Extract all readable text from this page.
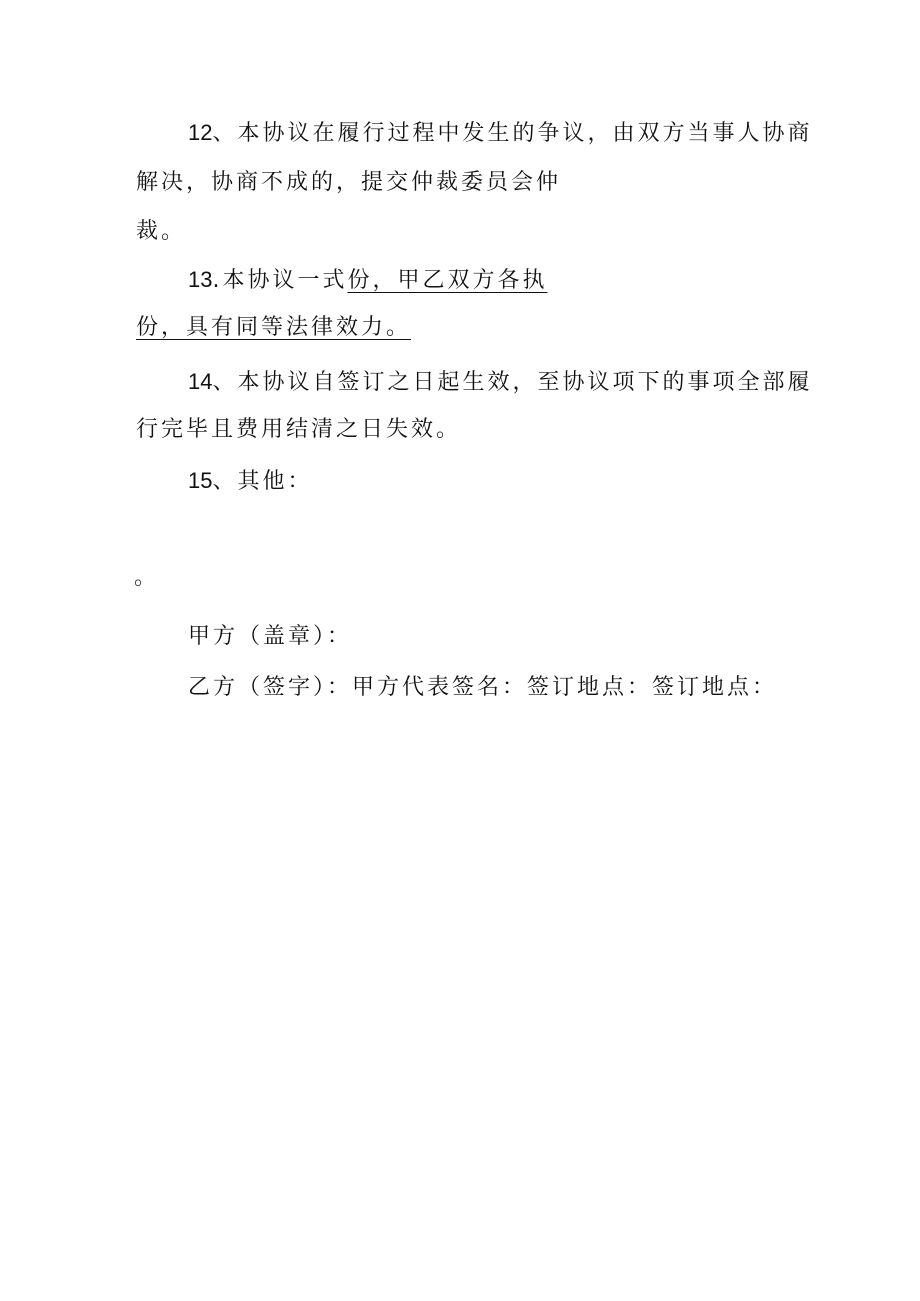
12、本协议在履行过程中发生的争议，由双方当事人协商
解决，协商不成的，提交仲裁委员会仲
裁。
13.本协议一式份，甲乙双方各执
份，具有同等法律效力。
14、本协议自签订之日起生效，至协议项下的事项全部履
行完毕且费用结清之日失效。
15、其他：
。
甲方（盖章）：
乙方（签字）：甲方代表签名：签订地点：签订地点：
